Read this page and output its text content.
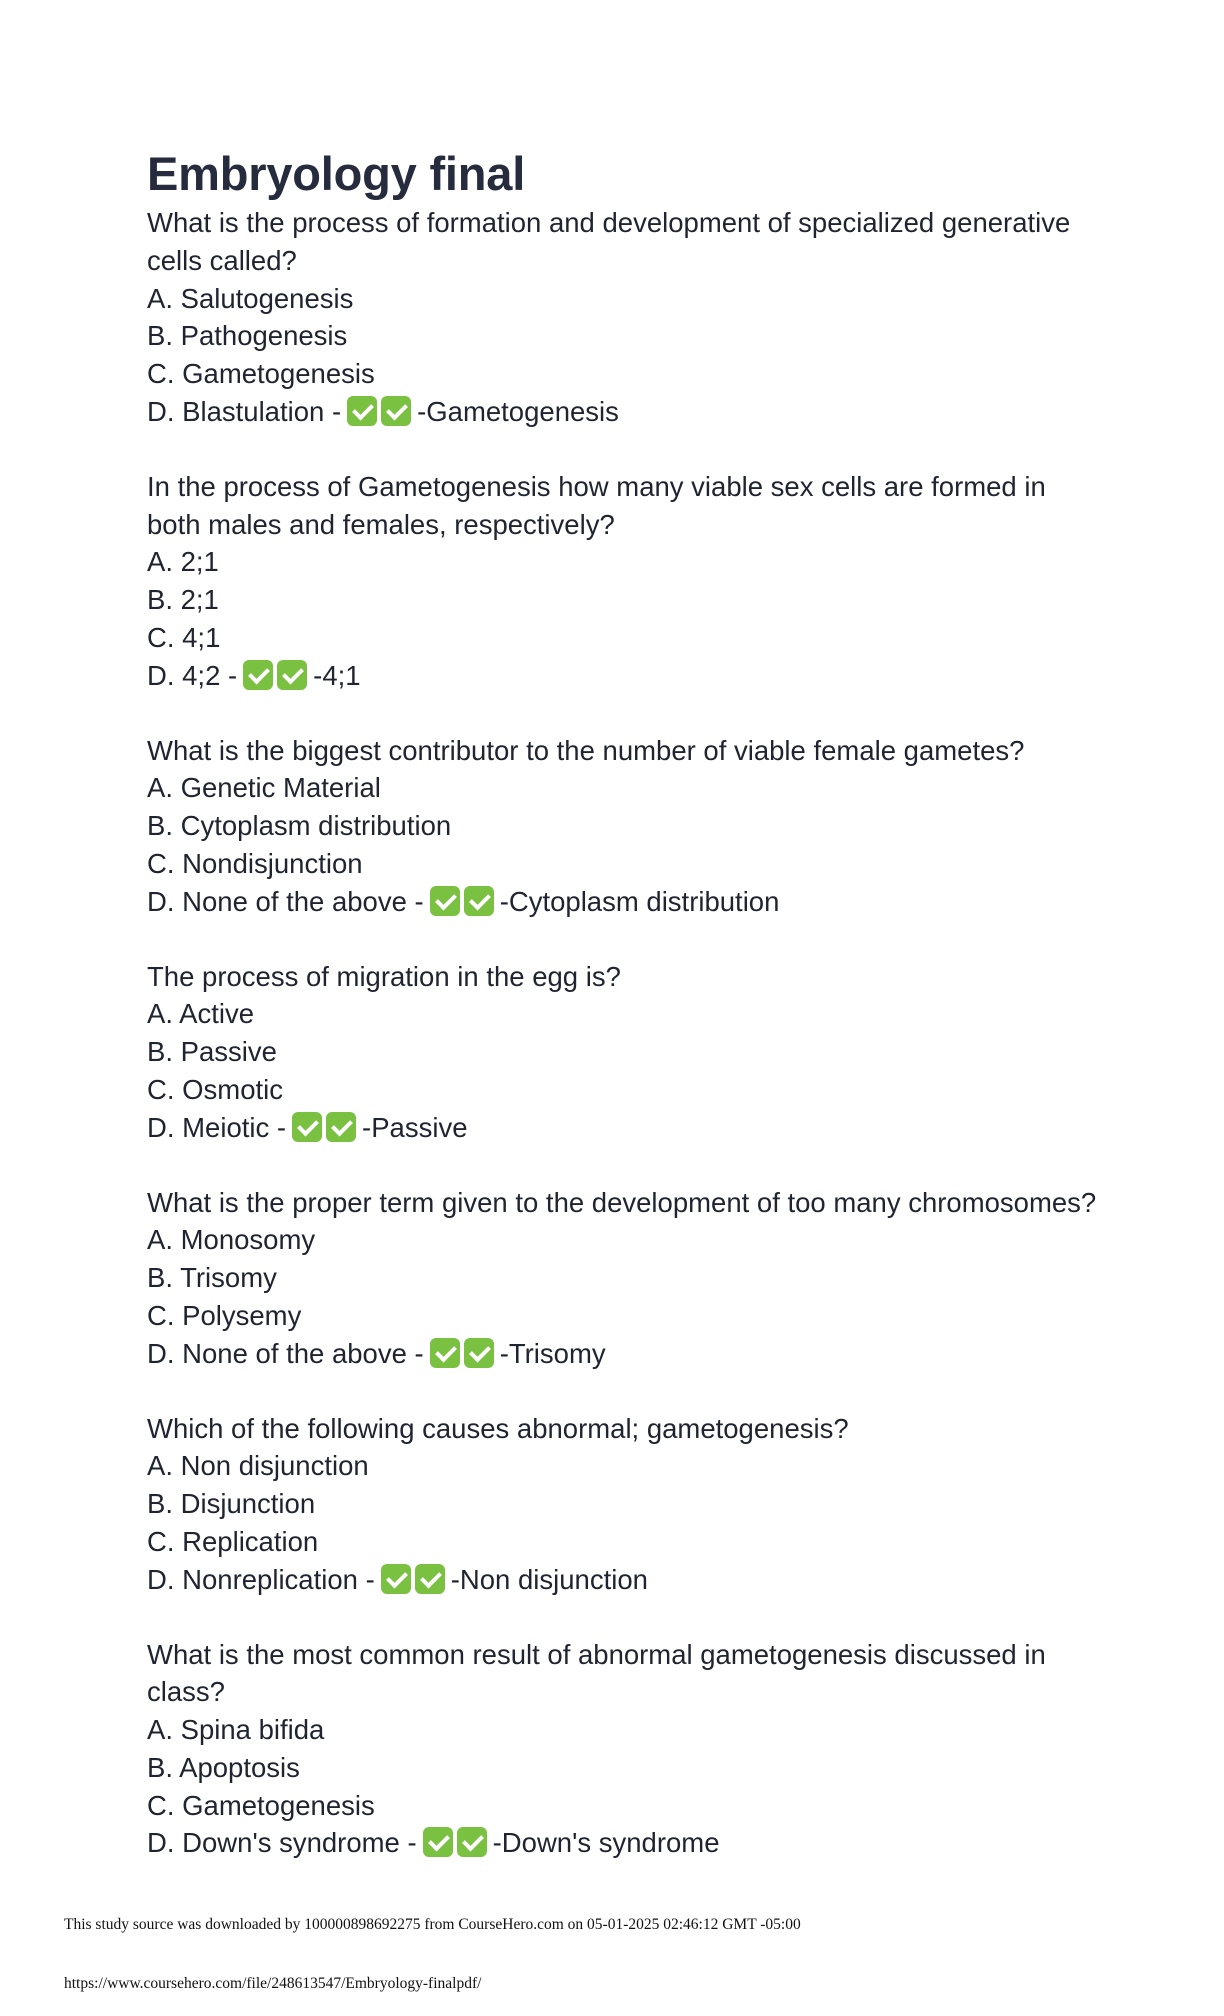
Embryology final

What is the process of formation and development of specialized generative cells called?

A. Salutogenesis

B. Pathogenesis

C. Gametogenesis

D. Blastulation -	-Gametogenesis

In the process of Gametogenesis how many viable sex cells are formed in both males and females, respectively?

A. 2;1

B. 2;1

C. 4;1

D. 4;2 -	-4;1

What is the biggest contributor to the number of viable female gametes?

A. Genetic Material

B. Cytoplasm distribution

C. Nondisjunction

D. None of the above -	-Cytoplasm distribution

The process of migration in the egg is?

A. Active

B. Passive

C. Osmotic

D. Meiotic -	-Passive

What is the proper term given to the development of too many chromosomes?

A. Monosomy

B. Trisomy

C. Polysemy

D. None of the above -	-Trisomy

Which of the following causes abnormal; gametogenesis?

A. Non disjunction

B. Disjunction

C. Replication

D. Nonreplication -	-Non disjunction

What is the most common result of abnormal gametogenesis discussed in class?

A. Spina bifida

B. Apoptosis

C. Gametogenesis

D. Down's syndrome -	-Down's syndrome

This study source was downloaded by 100000898692275 from CourseHero.com on 05-01-2025 02:46:12 GMT -05:00
https://www.coursehero.com/file/248613547/Embryology-finalpdf/
